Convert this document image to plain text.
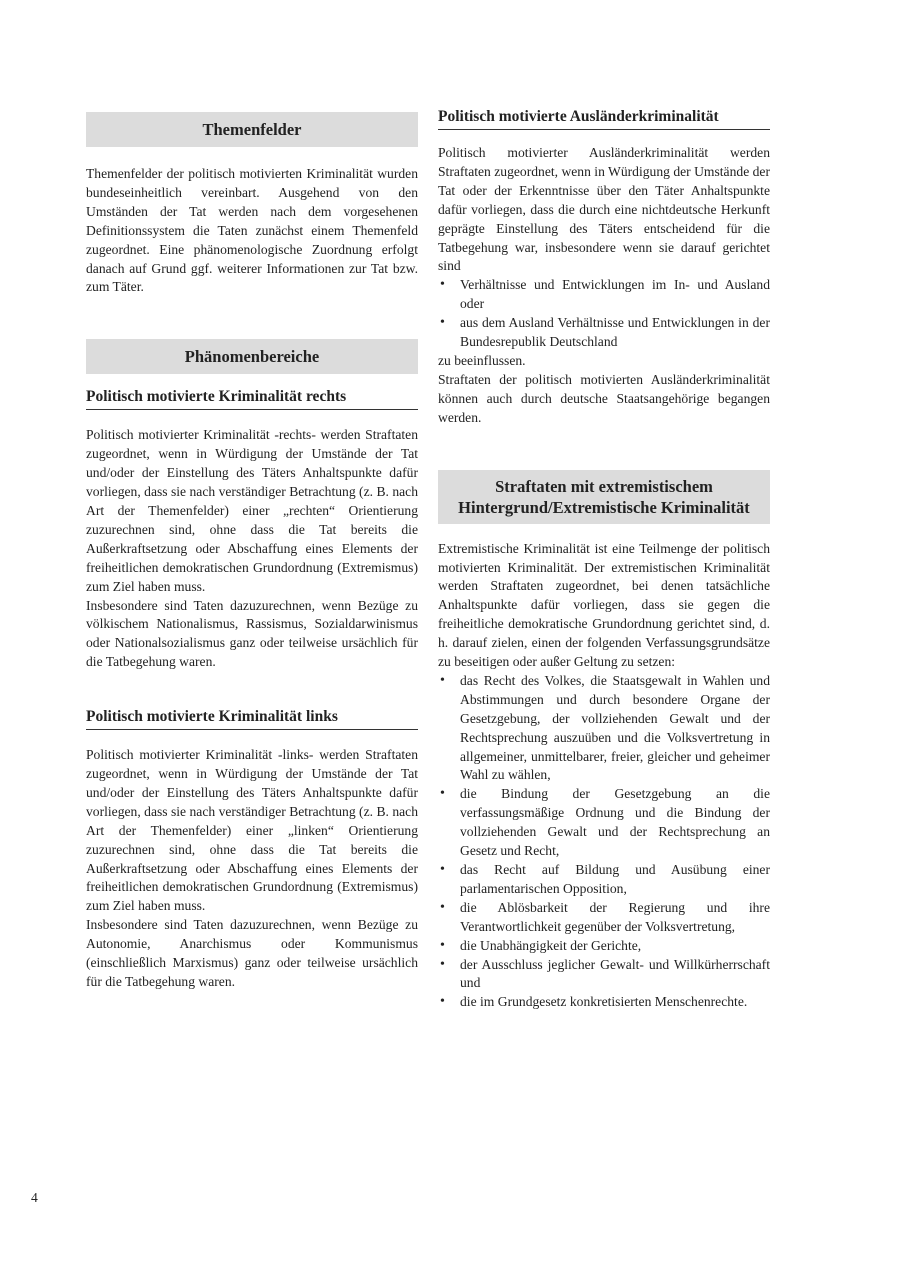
Themenfelder

Themenfelder der politisch motivierten Kriminalität wurden bundeseinheitlich vereinbart. Ausgehend von den Umständen der Tat werden nach dem vorgesehenen Definitionssystem die Taten zunächst einem Themenfeld zugeordnet. Eine phänomenologische Zuordnung erfolgt danach auf Grund ggf. weiterer Informationen zur Tat bzw. zum Täter.

Phänomenbereiche
Politisch motivierte Kriminalität rechts

Politisch motivierter Kriminalität -rechts- werden Straftaten zugeordnet, wenn in Würdigung der Umstände der Tat und/oder der Einstellung des Täters Anhaltspunkte dafür vorliegen, dass sie nach verständiger Betrachtung (z. B. nach Art der Themenfelder) einer „rechten“ Orientierung zuzurechnen sind, ohne dass die Tat bereits die Außerkraftsetzung oder Abschaffung eines Elements der freiheitlichen demokratischen Grundordnung (Extremismus) zum Ziel haben muss.

Insbesondere sind Taten dazuzurechnen, wenn Bezüge zu völkischem Nationalismus, Rassismus, Sozialdarwinismus oder Nationalsozialismus ganz oder teilweise ursächlich für die Tatbegehung waren.

Politisch motivierte Kriminalität links

Politisch motivierter Kriminalität -links- werden Straftaten zugeordnet, wenn in Würdigung der Umstände der Tat und/oder der Einstellung des Täters Anhaltspunkte dafür vorliegen, dass sie nach verständiger Betrachtung (z. B. nach Art der Themenfelder) einer „linken“ Orientierung zuzurechnen sind, ohne dass die Tat bereits die Außerkraftsetzung oder Abschaffung eines Elements der freiheitlichen demokratischen Grundordnung (Extremismus) zum Ziel haben muss.

Insbesondere sind Taten dazuzurechnen, wenn Bezüge zu Autonomie, Anarchismus oder Kommunismus (einschließlich Marxismus) ganz oder teilweise ursächlich für die Tatbegehung waren.

Politisch motivierte Ausländerkriminalität

Politisch motivierter Ausländerkriminalität werden Straftaten zugeordnet, wenn in Würdigung der Umstände der Tat oder der Erkenntnisse über den Täter Anhaltspunkte dafür vorliegen, dass die durch eine nichtdeutsche Herkunft geprägte Einstellung des Täters entscheidend für die Tatbegehung war, insbesondere wenn sie darauf gerichtet sind

• Verhältnisse und Entwicklungen im In- und Ausland oder
• aus dem Ausland Verhältnisse und Entwicklungen in der Bundesrepublik Deutschland

zu beeinflussen.

Straftaten der politisch motivierten Ausländerkriminalität können auch durch deutsche Staatsangehörige begangen werden.

Straftaten mit extremistischem Hintergrund/Extremistische Kriminalität

Extremistische Kriminalität ist eine Teilmenge der politisch motivierten Kriminalität. Der extremistischen Kriminalität werden Straftaten zugeordnet, bei denen tatsächliche Anhaltspunkte dafür vorliegen, dass sie gegen die freiheitliche demokratische Grundordnung gerichtet sind, d. h. darauf zielen, einen der folgenden Verfassungsgrundsätze zu beseitigen oder außer Geltung zu setzen:

• das Recht des Volkes, die Staatsgewalt in Wahlen und Abstimmungen und durch besondere Organe der Gesetzgebung, der vollziehenden Gewalt und der Rechtsprechung auszuüben und die Volksvertretung in allgemeiner, unmittelbarer, freier, gleicher und geheimer Wahl zu wählen,
• die Bindung der Gesetzgebung an die verfassungsmäßige Ordnung und die Bindung der vollziehenden Gewalt und der Rechtsprechung an Gesetz und Recht,
• das Recht auf Bildung und Ausübung einer parlamentarischen Opposition,
• die Ablösbarkeit der Regierung und ihre Verantwortlichkeit gegenüber der Volksvertretung,
• die Unabhängigkeit der Gerichte,
• der Ausschluss jeglicher Gewalt- und Willkürherrschaft und
• die im Grundgesetz konkretisierten Menschenrechte.
4
